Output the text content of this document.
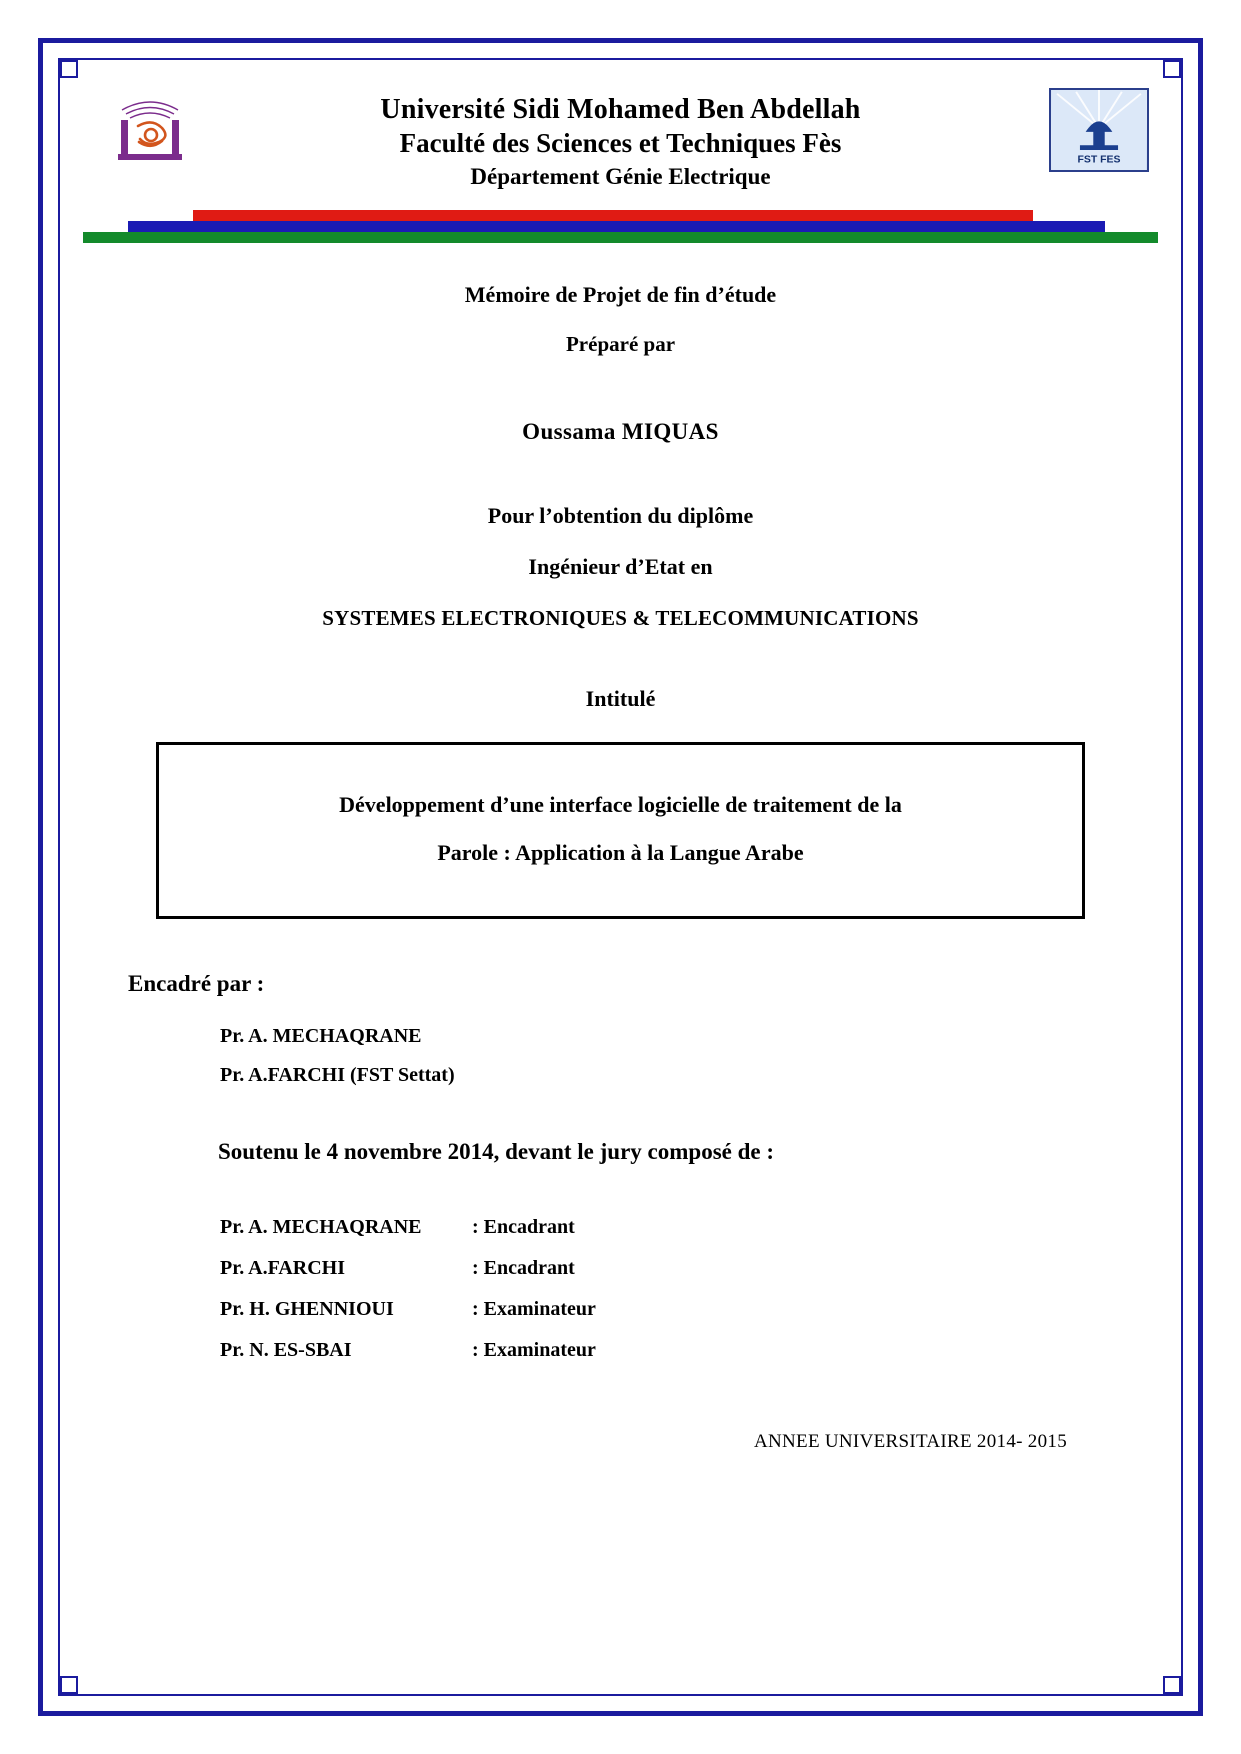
Université Sidi Mohamed Ben Abdellah
Faculté des Sciences et Techniques Fès
Département Génie Electrique
FST FES
Mémoire de Projet de fin d’étude
Préparé par
Oussama MIQUAS
Pour l’obtention du diplôme
Ingénieur d’Etat en
SYSTEMES ELECTRONIQUES & TELECOMMUNICATIONS
Intitulé
Développement d’une interface logicielle de traitement de la
Parole : Application à la Langue Arabe
Encadré par :
Pr. A. MECHAQRANE
Pr. A.FARCHI (FST Settat)
Soutenu le 4 novembre 2014, devant le jury composé de :
Pr. A. MECHAQRANE	: Encadrant
Pr. A.FARCHI	: Encadrant
Pr. H. GHENNIOUI	: Examinateur
Pr. N. ES-SBAI	: Examinateur
ANNEE UNIVERSITAIRE 2014- 2015
